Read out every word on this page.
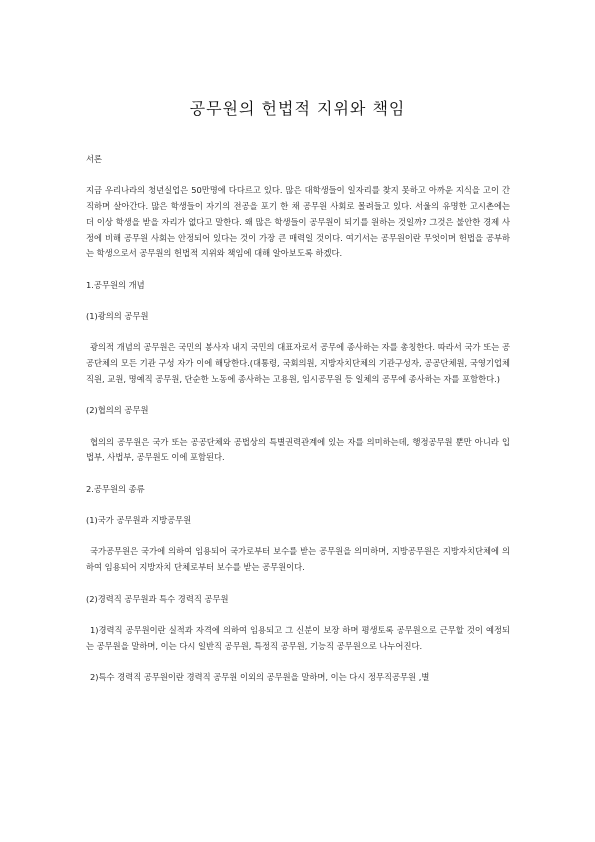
공무원의 헌법적 지위와 책임

서론

지금 우리나라의 청년실업은 50만명에 다다르고 있다. 많은 대학생들이 일자리를 찾지 못하고 아까운 지식을 고이 간직하며 살아간다. 많은 학생들이 자기의 전공을 포기 한 채 공무원 사회로 몰려들고 있다. 서울의 유명한 고시촌에는 더 이상 학생을 받을 자리가 없다고 말한다. 왜 많은 학생들이 공무원이 되기를 원하는 것일까? 그것은 불안한 경제 사정에 비해 공무원 사회는 안정되어 있다는 것이 가장 큰 매력일 것이다. 여기서는 공무원이란 무엇이며 헌법을 공부하는 학생으로서 공무원의 헌법적 지위와 책임에 대해 알아보도록 하겠다.

1.공무원의 개념

(1)광의의 공무원

광의적 개념의 공무원은 국민의 봉사자 내지 국민의 대표자로서 공무에 종사하는 자를 총칭한다. 따라서 국가 또는 공공단체의 모든 기관 구성 자가 이에 해당한다.(대통령, 국회의원, 지방자치단체의 기관구성자, 공공단체원, 국영기업체 직원, 교원, 명예직 공무원, 단순한 노동에 종사하는 고용원, 임시공무원 등 일체의 공무에 종사하는 자를 포함한다.)

(2)협의의 공무원

협의의 공무원은 국가 또는 공공단체와 공법상의 특별권력관계에 있는 자를 의미하는데, 행정공무원 뿐만 아니라 입법부, 사법부, 공무원도 이에 포함된다.

2.공무원의 종류

(1)국가 공무원과 지방공무원

국가공무원은 국가에 의하여 임용되어 국가로부터 보수를 받는 공무원을 의미하며, 지방공무원은 지방자치단체에 의하여 임용되어 지방자치 단체로부터 보수를 받는 공무원이다.

(2)경력직 공무원과 특수 경력직 공무원

1)경력직 공무원이란 실적과 자격에 의하여 임용되고 그 신분이 보장 하며 평생토록 공무원으로 근무할 것이 예정되는 공무원을 말하며, 이는 다시 일반직 공무원, 특정직 공무원, 기능직 공무원으로 나누어진다.

2)특수 경력직 공무원이란 경력직 공무원 이외의 공무원을 말하며, 이는 다시 정무직공무원 ,별
